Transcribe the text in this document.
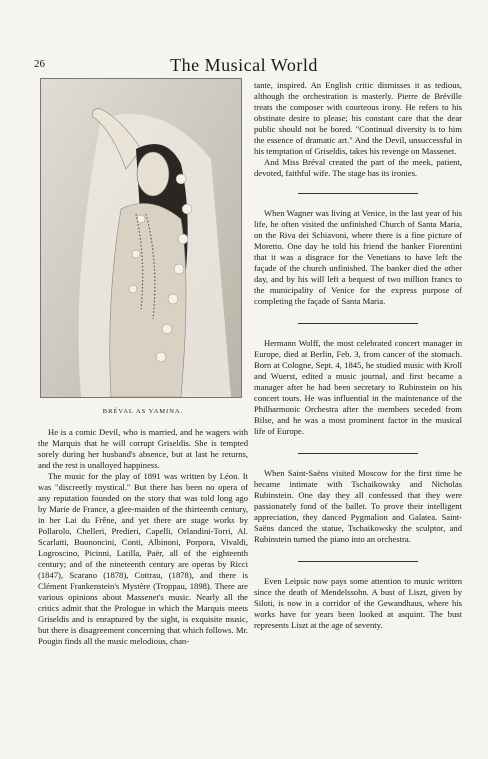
26	The Musical World
BRÉVAL AS YAMINA.

He is a comic Devil, who is married, and he wagers with the Marquis that he will corrupt Griseldis. She is tempted sorely during her husband's absence, but at last he returns, and the rest is unalloyed happiness.

The music for the play of 1891 was written by Léon. It was "discreetly mystical." But there has been no opera of any reputation founded on the story that was told long ago by Marie de France, a glee-maiden of the thirteenth century, in her Lai du Frêne, and yet there are stage works by Pollarolo, Chelleri, Predieri, Capelli, Orlandini-Torri, Al. Scarlatti, Buononcini, Conti, Albinoni, Porpora, Vivaldi, Logroscino, Picinni, Latilla, Paër, all of the eighteenth century; and of the nineteenth century are operas by Ricci (1847), Scarano (1878), Cottrau, (1878), and there is Clément Frankenstein's Mystère (Troppau, 1898). There are various opinions about Massenet's music. Nearly all the critics admit that the Prologue in which the Marquis meets Griseldis and is enraptured by the sight, is exquisite music, but there is disagreement concerning that which follows. Mr. Pougin finds all the music melodious, chan-

tante, inspired. An English critic dismisses it as tedious, although the orchestration is masterly. Pierre de Bréville treats the composer with courteous irony. He refers to his obstinate desire to please; his constant care that the dear public should not be bored. "Continual diversity is to him the essence of dramatic art." And the Devil, unsuccessful in his temptation of Griseldis, takes his revenge on Massenet.

And Miss Bréval created the part of the meek, patient, devoted, faithful wife. The stage has its ironies.

When Wagner was living at Venice, in the last year of his life, he often visited the unfinished Church of Santa Maria, on the Riva dei Schiavoni, where there is a fine picture of Moretto. One day he told his friend the banker Fiorentini that it was a disgrace for the Venetians to have left the façade of the church unfinished. The banker died the other day, and by his will left a bequest of two million francs to the municipality of Venice for the express purpose of completing the façade of Santa Maria.

Hermann Wolff, the most celebrated concert manager in Europe, died at Berlin, Feb. 3, from cancer of the stomach. Born at Cologne, Sept. 4, 1845, he studied music with Kroll and Wuerst, edited a music journal, and first became a manager after he had been secretary to Rubinstein on his concert tours. He was influential in the maintenance of the Philharmonic Orchestra after the members seceded from Bilse, and he was a most prominent factor in the musical life of Europe.

When Saint-Saëns visited Moscow for the first time he became intimate with Tschaikowsky and Nicholas Rubinstein. One day they all confessed that they were passionately fond of the ballet. To prove their intelligent appreciation, they danced Pygmalion and Galatea. Saint-Saëns danced the statue, Tschaikowsky the sculptor, and Rubinstein turned the piano into an orchestra.

Even Leipsic now pays some attention to music written since the death of Mendelssohn. A bust of Liszt, given by Siloti, is now in a corridor of the Gewandhaus, where his works have for years been looked at asquint. The bust represents Liszt at the age of seventy.
